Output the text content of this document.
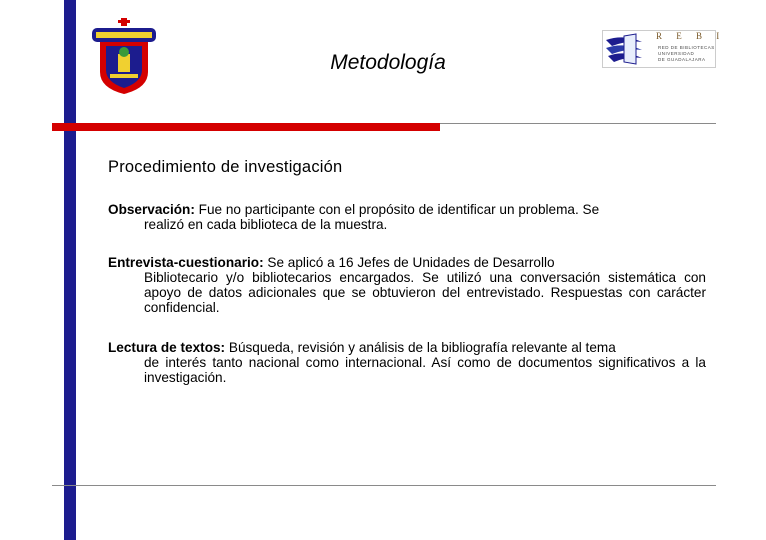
R E B I
RED DE BIBLIOTECAS
UNIVERSIDAD
DE GUADALAJARA
Metodología
Procedimiento de investigación
Observación: Fue no participante con el propósito de identificar un problema. Se
realizó en cada biblioteca de la muestra.
Entrevista-cuestionario: Se aplicó a 16 Jefes de Unidades de Desarrollo
Bibliotecario y/o bibliotecarios encargados. Se utilizó una conversación sistemática con apoyo de datos adicionales que se obtuvieron del entrevistado. Respuestas con carácter confidencial.
Lectura de textos: Búsqueda, revisión y análisis de la bibliografía relevante al tema
de interés tanto nacional como internacional. Así como de documentos significativos a la investigación.
